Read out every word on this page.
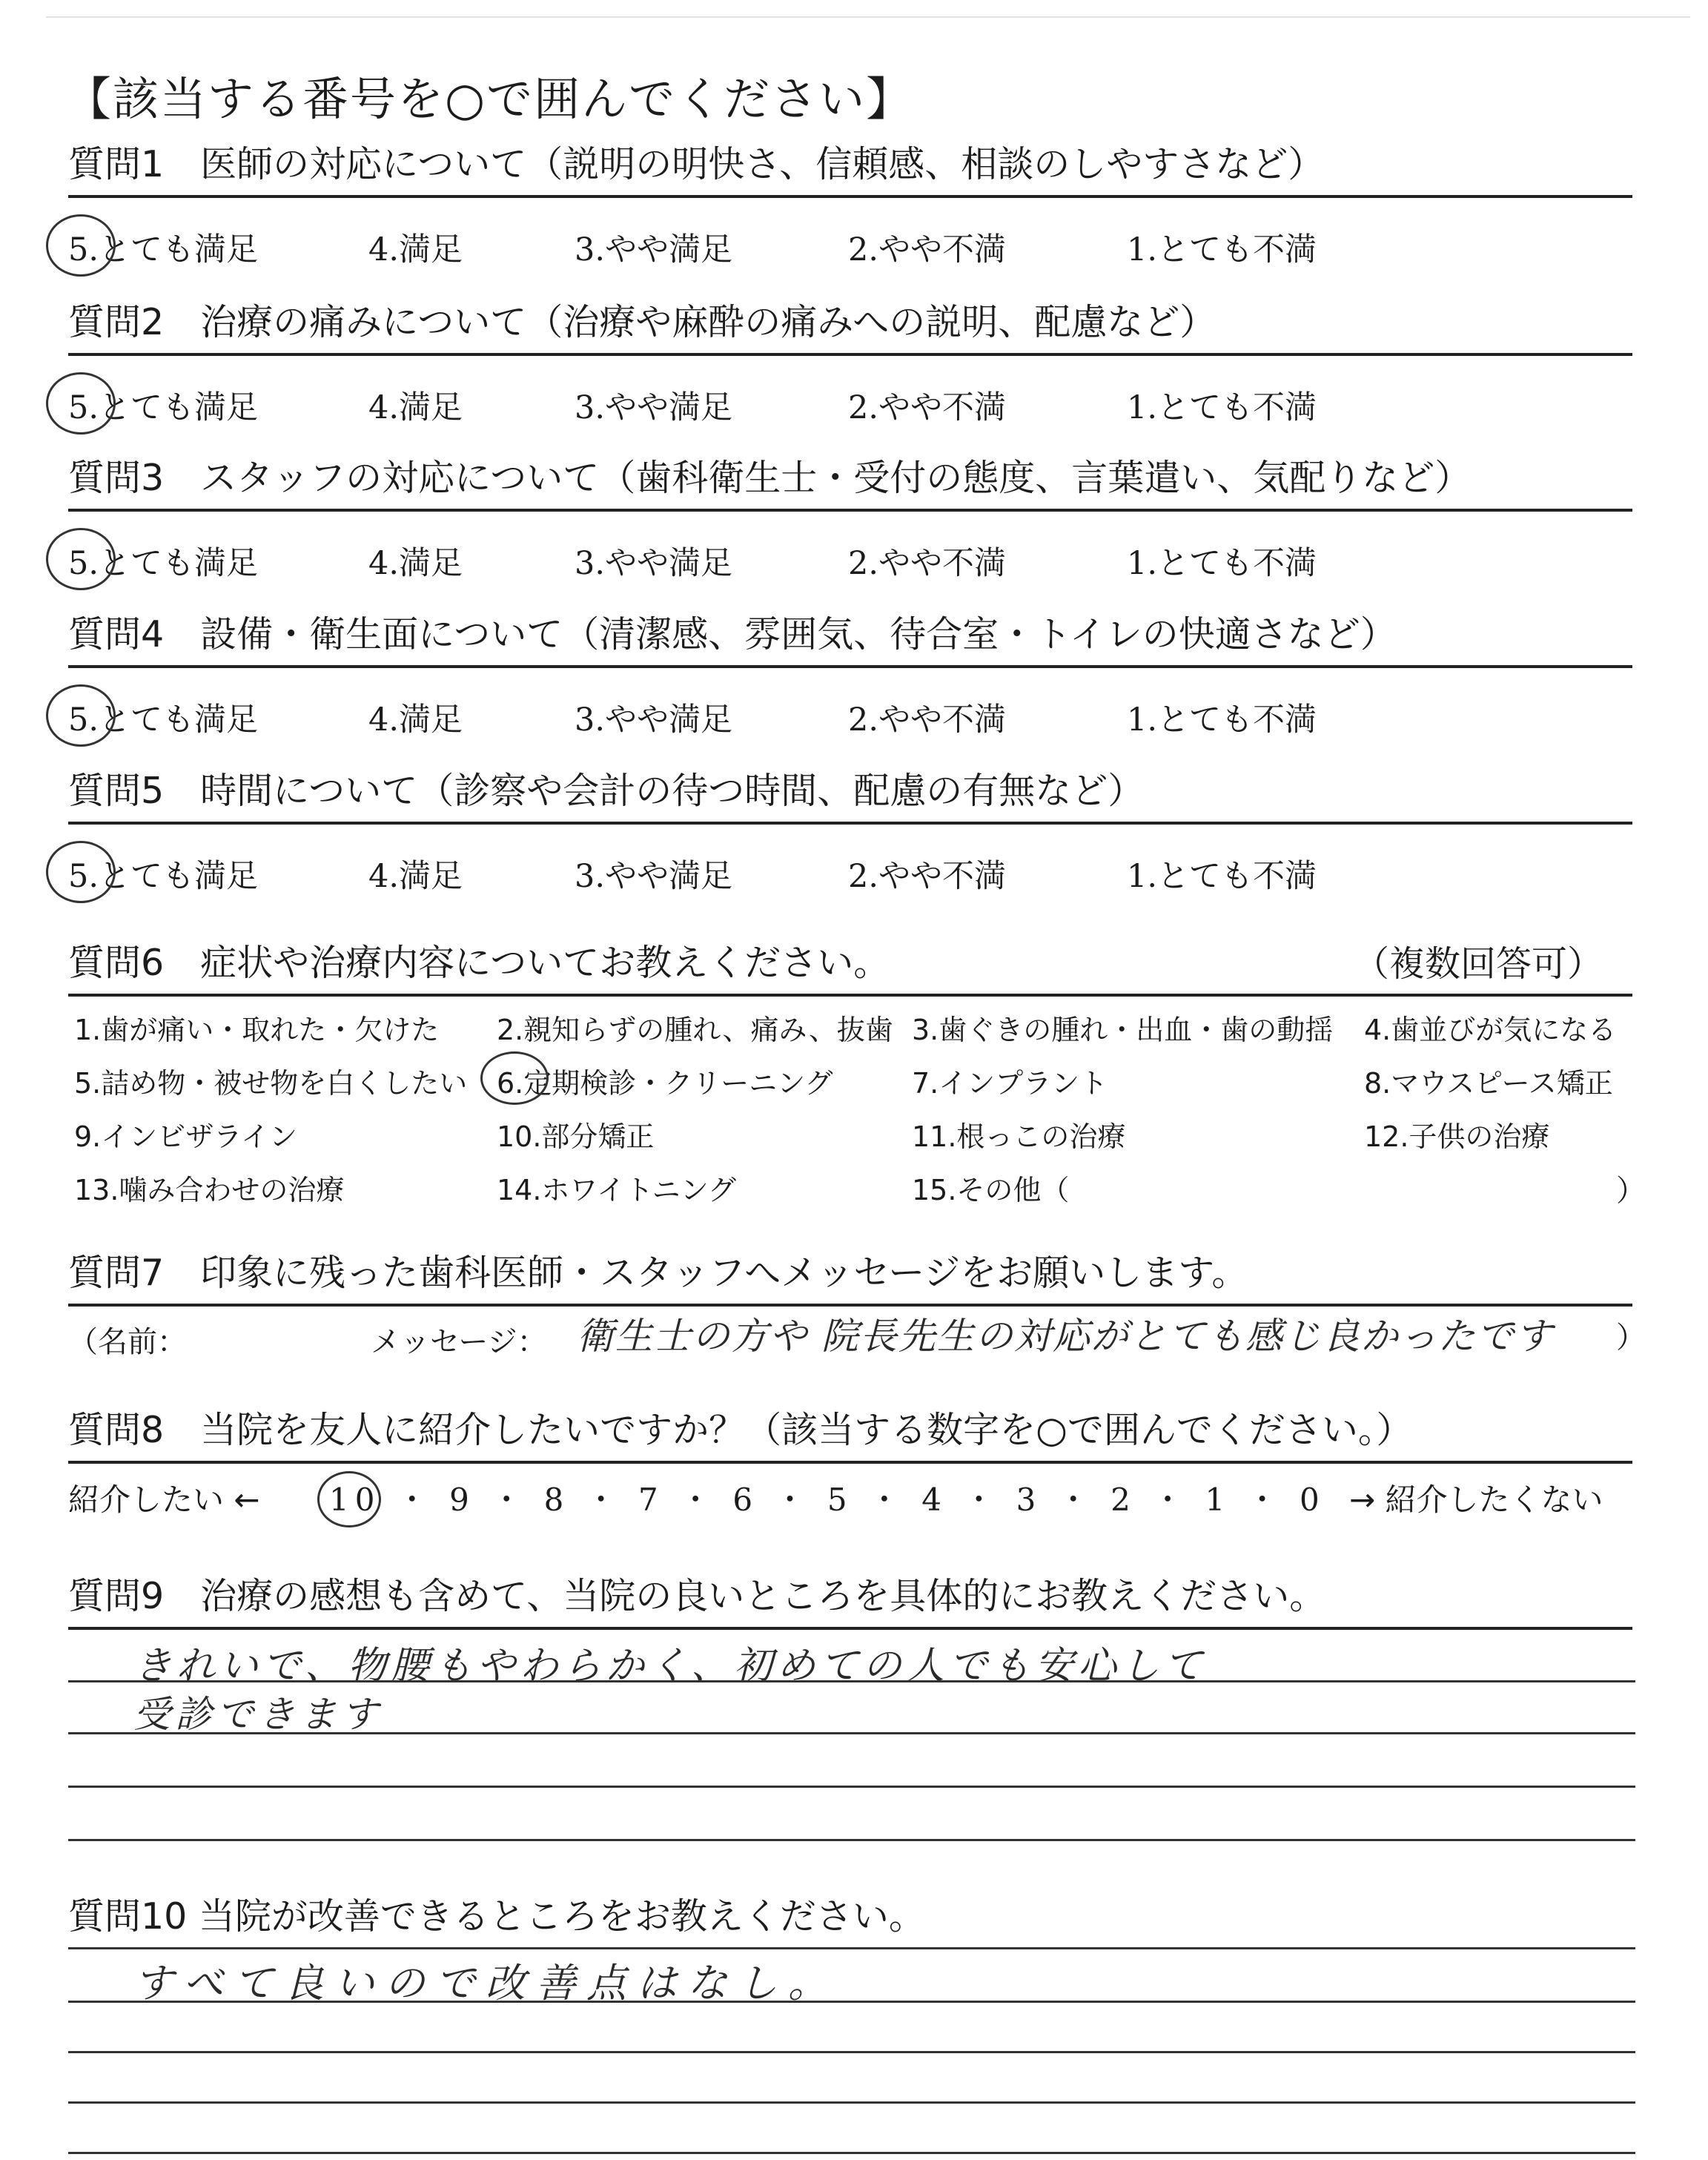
【該当する番号を○で囲んでください】
質問1　医師の対応について（説明の明快さ、信頼感、相談のしやすさなど）
5.とても満足	4.満足	3.やや満足	2.やや不満	1.とても不満
質問2　治療の痛みについて（治療や麻酔の痛みへの説明、配慮など）
5.とても満足	4.満足	3.やや満足	2.やや不満	1.とても不満
質問3　スタッフの対応について（歯科衛生士・受付の態度、言葉遣い、気配りなど）
5.とても満足	4.満足	3.やや満足	2.やや不満	1.とても不満
質問4　設備・衛生面について（清潔感、雰囲気、待合室・トイレの快適さなど）
5.とても満足	4.満足	3.やや満足	2.やや不満	1.とても不満
質問5　時間について（診察や会計の待つ時間、配慮の有無など）
5.とても満足	4.満足	3.やや満足	2.やや不満	1.とても不満
質問6　症状や治療内容についてお教えください。	（複数回答可）
1.歯が痛い・取れた・欠けた 2.親知らずの腫れ、痛み、抜歯 3.歯ぐきの腫れ・出血・歯の動揺 4.歯並びが気になる
5.詰め物・被せ物を白くしたい 6.定期検診・クリーニング	7.インプラント	8.マウスピース矯正
9.インビザライン	10.部分矯正	11.根っこの治療	12.子供の治療
13.噛み合わせの治療	14.ホワイトニング	15.その他（	）
質問7　印象に残った歯科医師・スタッフへメッセージをお願いします。
（名前：	メッセージ： 衛生士の方や 院長先生の対応がとても感じ良かったです ）
質問8　当院を友人に紹介したいですか？（該当する数字を○で囲んでください。）
紹介したい ← 10 ・ 9 ・ 8 ・ 7 ・ 6 ・ 5 ・ 4 ・ 3 ・ 2 ・ 1 ・ 0 → 紹介したくない
質問9　治療の感想も含めて、当院の良いところを具体的にお教えください。
きれいで、物腰もやわらかく、初めての人でも安心して
受診できます
質問10 当院が改善できるところをお教えください。
すべて良いので改善点はなし。
